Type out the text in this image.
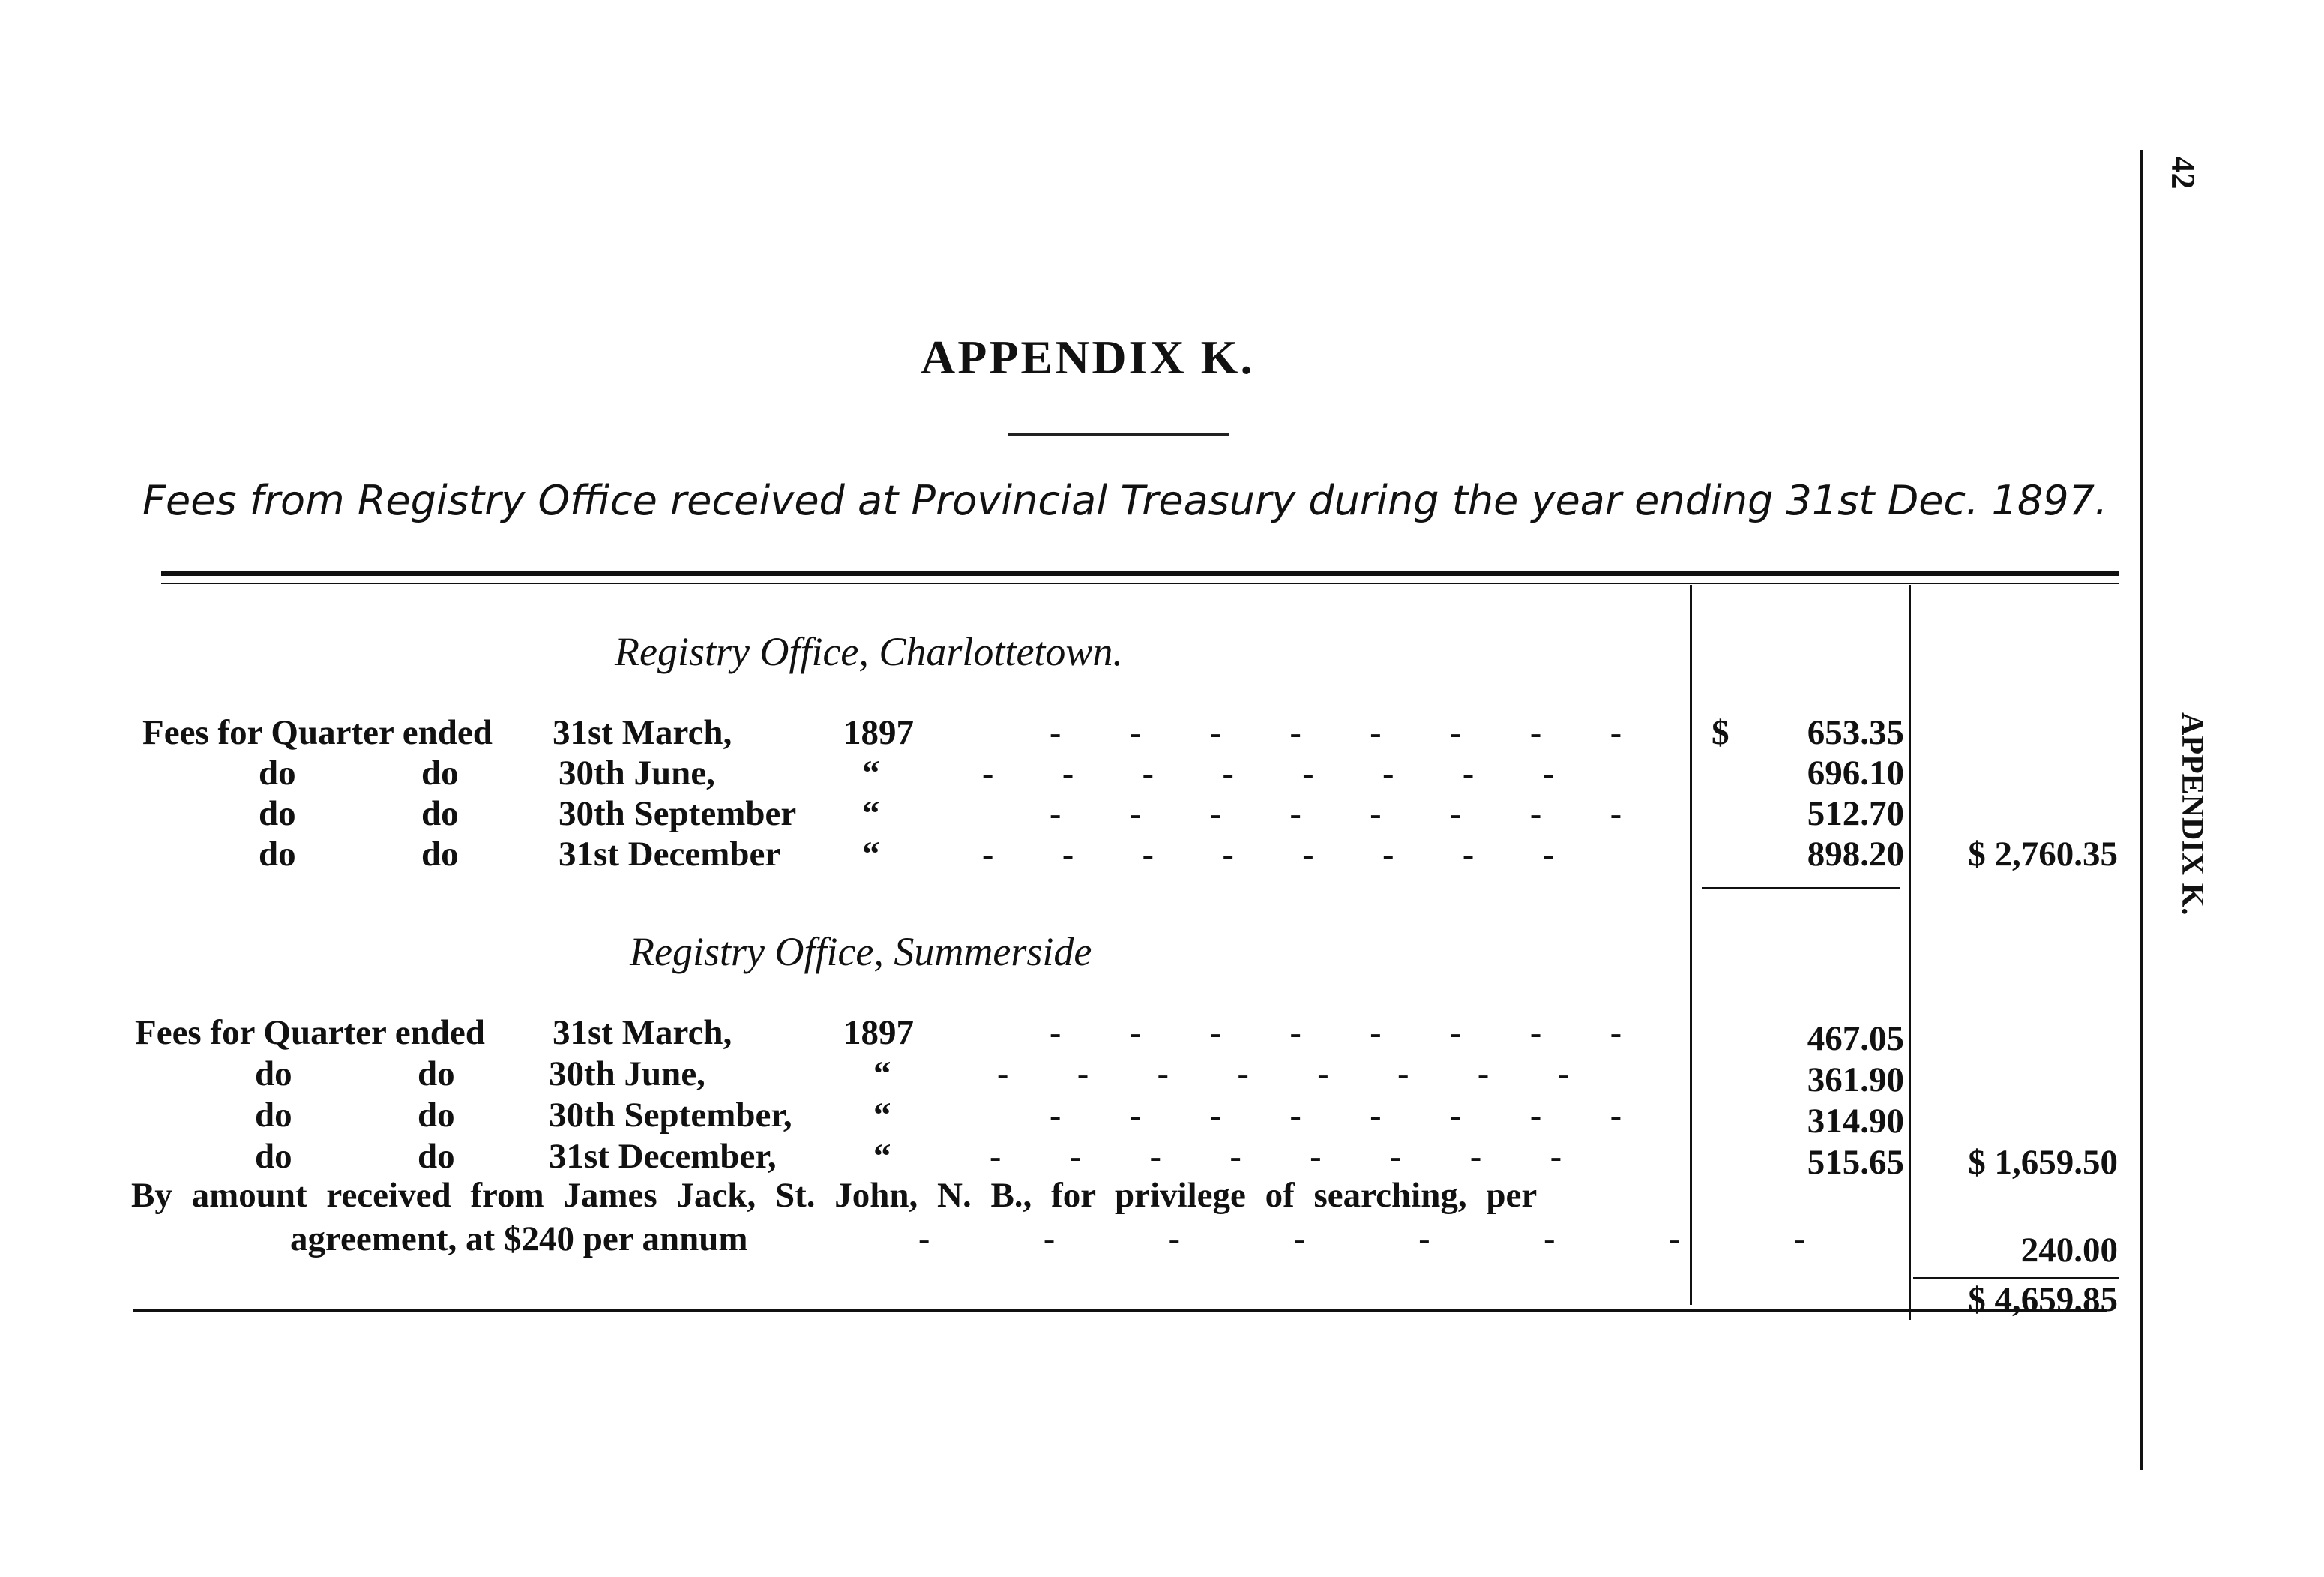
42
APPENDIX K.
APPENDIX K.
Fees from Registry Office received at Provincial Treasury during the year ending 31st Dec. 1897.
Registry Office, Charlottetown.
Fees for Quarter ended 31st March,	1897	- - - - - - - - $	653.35
do	do	30th June,	“	- - - - - - - -	696.10
do	do	30th September “	- - - - - - - -	512.70
do	do	31st December “	- - - - - - - -	898.20	$ 2,760.35
Registry Office, Summerside
Fees for Quarter ended 31st March,	1897	- - - - - - - -	467.05
do	do	30th June,	“	- - - - - - - -	361.90
do	do	30th September, “	- - - - - - - -	314.90
do	do	31st December,	“	- - - - - - - -	515.65	$ 1,659.50
By amount received from James Jack, St. John, N. B., for privilege of searching, per
agreement, at $240 per annum	- - - - - - - -	240.00
$ 4,659.85
